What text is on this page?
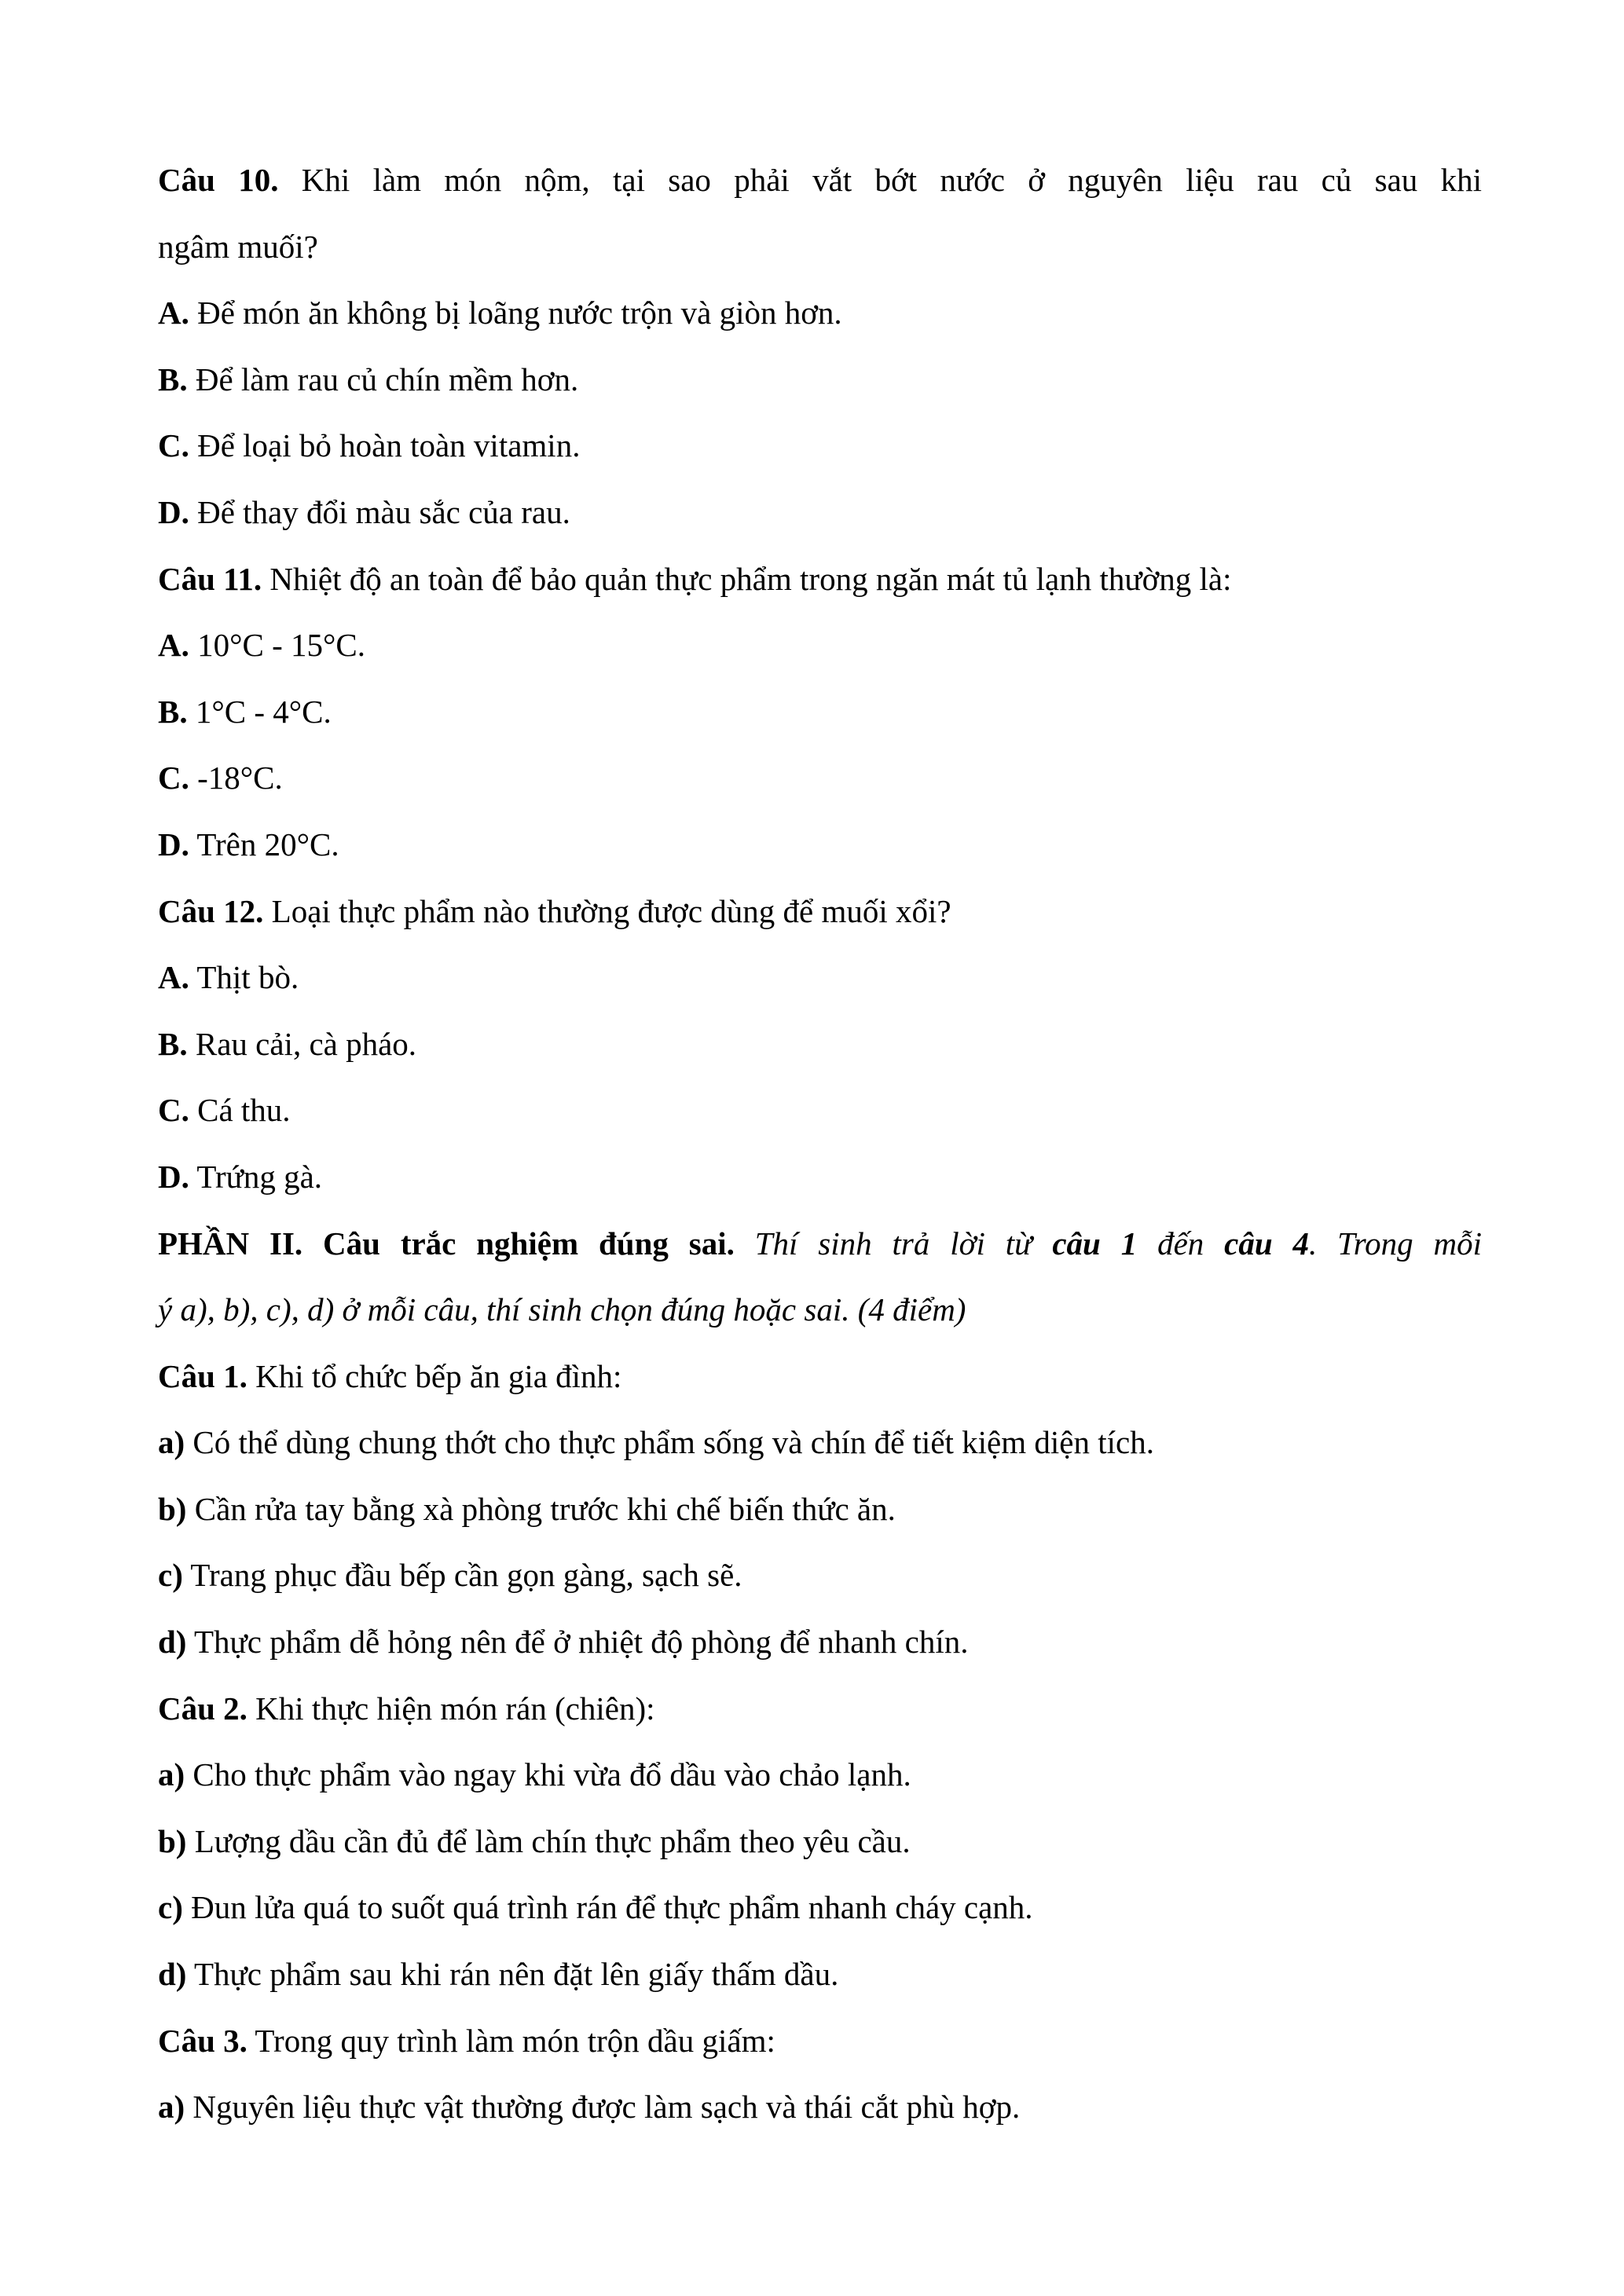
Câu 10. Khi làm món nộm, tại sao phải vắt bớt nước ở nguyên liệu rau củ sau khi
ngâm muối?
A. Để món ăn không bị loãng nước trộn và giòn hơn.
B. Để làm rau củ chín mềm hơn.
C. Để loại bỏ hoàn toàn vitamin.
D. Để thay đổi màu sắc của rau.
Câu 11. Nhiệt độ an toàn để bảo quản thực phẩm trong ngăn mát tủ lạnh thường là:
A. 10°C - 15°C.
B. 1°C - 4°C.
C. -18°C.
D. Trên 20°C.
Câu 12. Loại thực phẩm nào thường được dùng để muối xổi?
A. Thịt bò.
B. Rau cải, cà pháo.
C. Cá thu.
D. Trứng gà.
PHẦN II. Câu trắc nghiệm đúng sai. Thí sinh trả lời từ câu 1 đến câu 4. Trong mỗi
ý a), b), c), d) ở mỗi câu, thí sinh chọn đúng hoặc sai. (4 điểm)
Câu 1. Khi tổ chức bếp ăn gia đình:
a) Có thể dùng chung thớt cho thực phẩm sống và chín để tiết kiệm diện tích.
b) Cần rửa tay bằng xà phòng trước khi chế biến thức ăn.
c) Trang phục đầu bếp cần gọn gàng, sạch sẽ.
d) Thực phẩm dễ hỏng nên để ở nhiệt độ phòng để nhanh chín.
Câu 2. Khi thực hiện món rán (chiên):
a) Cho thực phẩm vào ngay khi vừa đổ dầu vào chảo lạnh.
b) Lượng dầu cần đủ để làm chín thực phẩm theo yêu cầu.
c) Đun lửa quá to suốt quá trình rán để thực phẩm nhanh cháy cạnh.
d) Thực phẩm sau khi rán nên đặt lên giấy thấm dầu.
Câu 3. Trong quy trình làm món trộn dầu giấm:
a) Nguyên liệu thực vật thường được làm sạch và thái cắt phù hợp.
